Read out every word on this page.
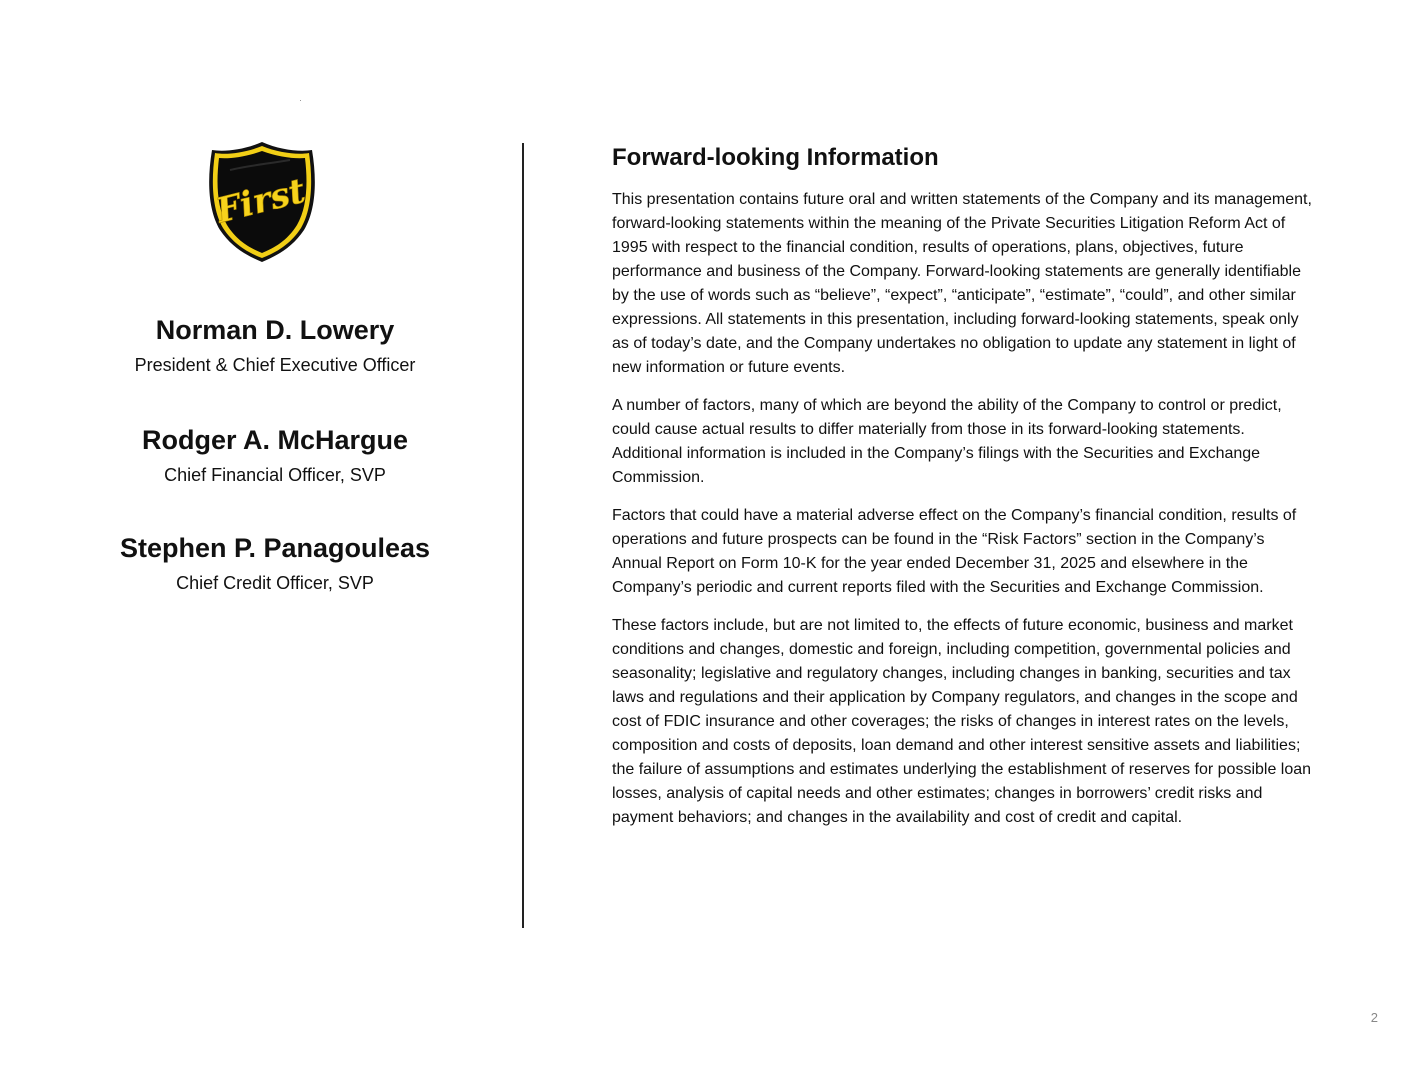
First
Norman D. Lowery
President & Chief Executive Officer
Rodger A. McHargue
Chief Financial Officer, SVP
Stephen P. Panagouleas
Chief Credit Officer, SVP
Forward-looking Information

This presentation contains future oral and written statements of the Company and its management, forward-looking statements within the meaning of the Private Securities Litigation Reform Act of 1995 with respect to the financial condition, results of operations, plans, objectives, future performance and business of the Company. Forward-looking statements are generally identifiable by the use of words such as “believe”, “expect”, “anticipate”, “estimate”, “could”, and other similar expressions. All statements in this presentation, including forward-looking statements, speak only as of today’s date, and the Company undertakes no obligation to update any statement in light of new information or future events.

A number of factors, many of which are beyond the ability of the Company to control or predict, could cause actual results to differ materially from those in its forward-looking statements. Additional information is included in the Company’s filings with the Securities and Exchange Commission.

Factors that could have a material adverse effect on the Company’s financial condition, results of operations and future prospects can be found in the “Risk Factors” section in the Company’s Annual Report on Form 10-K for the year ended December 31, 2025 and elsewhere in the Company’s periodic and current reports filed with the Securities and Exchange Commission.

These factors include, but are not limited to, the effects of future economic, business and market conditions and changes, domestic and foreign, including competition, governmental policies and seasonality; legislative and regulatory changes, including changes in banking, securities and tax laws and regulations and their application by Company regulators, and changes in the scope and cost of FDIC insurance and other coverages; the risks of changes in interest rates on the levels, composition and costs of deposits, loan demand and other interest sensitive assets and liabilities; the failure of assumptions and estimates underlying the establishment of reserves for possible loan losses, analysis of capital needs and other estimates; changes in borrowers’ credit risks and payment behaviors; and changes in the availability and cost of credit and capital.

2
